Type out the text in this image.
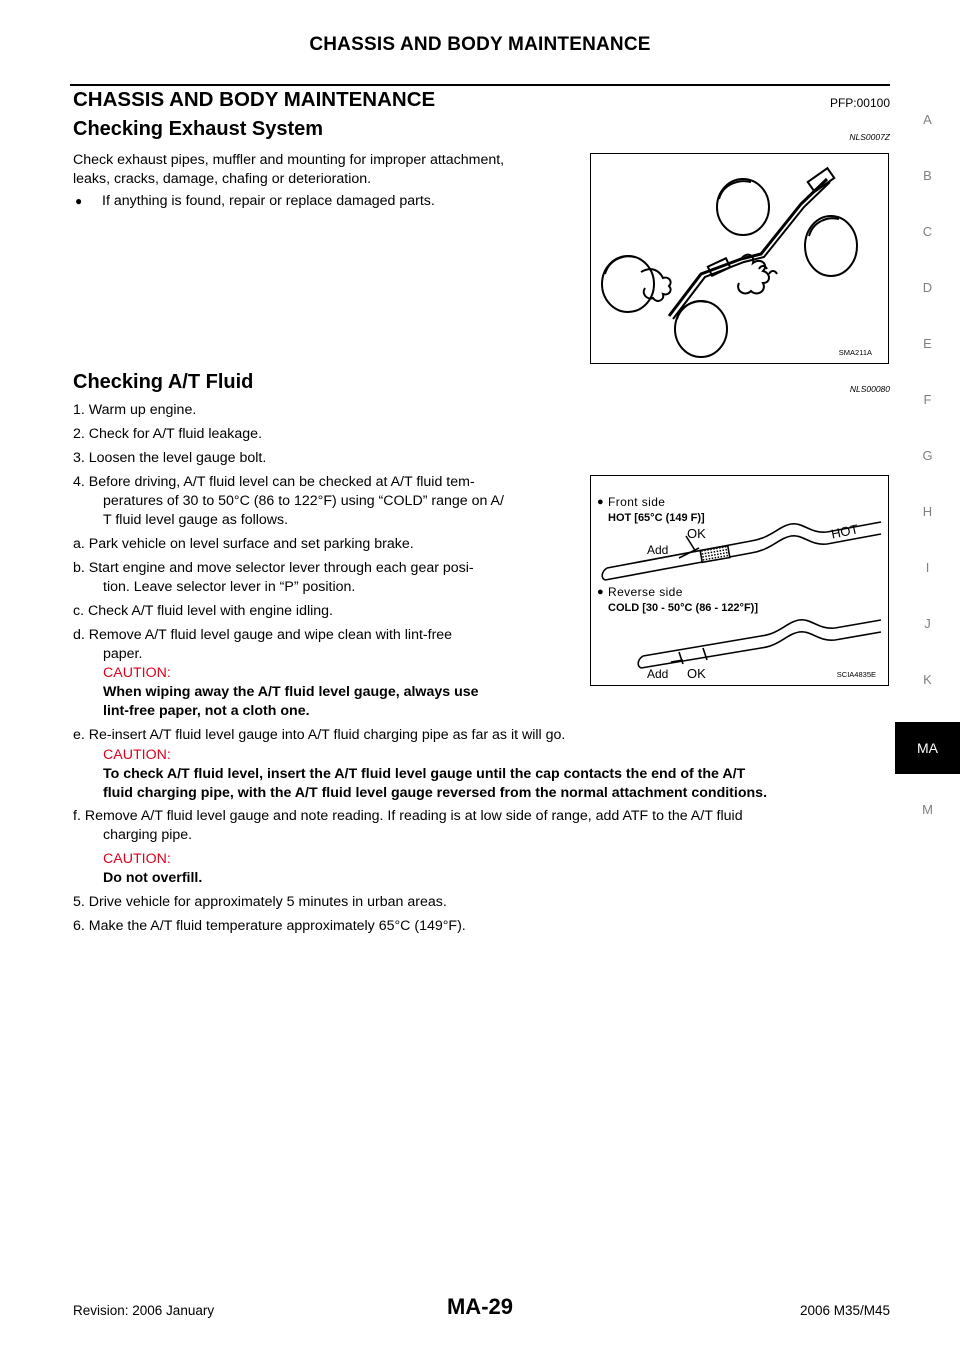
CHASSIS AND BODY MAINTENANCE
CHASSIS AND BODY MAINTENANCE	PFP:00100
Checking Exhaust System	NLS0007Z
Check exhaust pipes, muffler and mounting for improper attachment,
leaks, cracks, damage, chafing or deterioration.
● If anything is found, repair or replace damaged parts.
SMA211A
Checking A/T Fluid	NLS00080
1. Warm up engine.
2. Check for A/T fluid leakage.
3. Loosen the level gauge bolt.
4. Before driving, A/T fluid level can be checked at A/T fluid tem-
peratures of 30 to 50°C (86 to 122°F) using “COLD” range on A/
T fluid level gauge as follows.
a. Park vehicle on level surface and set parking brake.
b. Start engine and move selector lever through each gear posi-
tion. Leave selector lever in “P” position.
c. Check A/T fluid level with engine idling.
d. Remove A/T fluid level gauge and wipe clean with lint-free
paper.
CAUTION:
When wiping away the A/T fluid level gauge, always use
lint-free paper, not a cloth one.
e. Re-insert A/T fluid level gauge into A/T fluid charging pipe as far as it will go.
CAUTION:
To check A/T fluid level, insert the A/T fluid level gauge until the cap contacts the end of the A/T
fluid charging pipe, with the A/T fluid level gauge reversed from the normal attachment conditions.
f. Remove A/T fluid level gauge and note reading. If reading is at low side of range, add ATF to the A/T fluid
charging pipe.
CAUTION:
Do not overfill.
5. Drive vehicle for approximately 5 minutes in urban areas.
6. Make the A/T fluid temperature approximately 65°C (149°F).
● Front side
HOT [65°C (149 F)]
Add
OK	HOT
● Reverse side
COLD [30 - 50°C (86 - 122°F)]
Add OK	SCIA4835E
A
B
C
D
E
F
G
H
I
J
K
MA
M
Revision: 2006 January	MA-29	2006 M35/M45
